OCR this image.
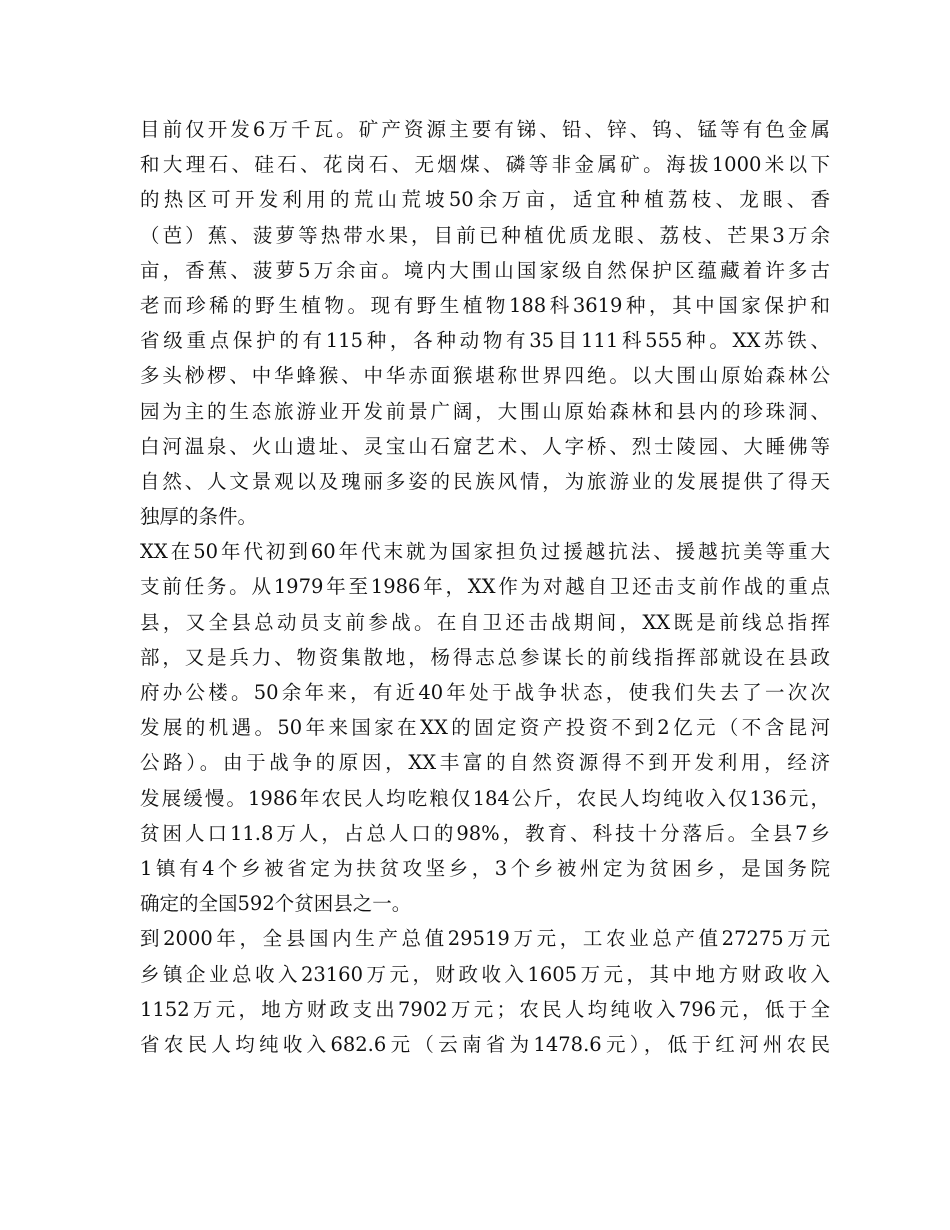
目前仅开发6万千瓦。矿产资源主要有锑、铅、锌、钨、锰等有色金属
和大理石、硅石、花岗石、无烟煤、磷等非金属矿。海拔1000米以下
的热区可开发利用的荒山荒坡50余万亩，适宜种植荔枝、龙眼、香
（芭）蕉、菠萝等热带水果，目前已种植优质龙眼、荔枝、芒果3万余
亩，香蕉、菠萝5万余亩。境内大围山国家级自然保护区蕴藏着许多古
老而珍稀的野生植物。现有野生植物188科3619种，其中国家保护和
省级重点保护的有115种，各种动物有35目111科555种。XX苏铁、
多头桫椤、中华蜂猴、中华赤面猴堪称世界四绝。以大围山原始森林公
园为主的生态旅游业开发前景广阔，大围山原始森林和县内的珍珠洞、
白河温泉、火山遗址、灵宝山石窟艺术、人字桥、烈士陵园、大睡佛等
自然、人文景观以及瑰丽多姿的民族风情，为旅游业的发展提供了得天
独厚的条件。
XX在50年代初到60年代末就为国家担负过援越抗法、援越抗美等重大
支前任务。从1979年至1986年，XX作为对越自卫还击支前作战的重点
县，又全县总动员支前参战。在自卫还击战期间，XX既是前线总指挥
部，又是兵力、物资集散地，杨得志总参谋长的前线指挥部就设在县政
府办公楼。50余年来，有近40年处于战争状态，使我们失去了一次次
发展的机遇。50年来国家在XX的固定资产投资不到2亿元（不含昆河
公路）。由于战争的原因，XX丰富的自然资源得不到开发利用，经济
发展缓慢。1986年农民人均吃粮仅184公斤，农民人均纯收入仅136元，
贫困人口11.8万人，占总人口的98%，教育、科技十分落后。全县7乡
1镇有4个乡被省定为扶贫攻坚乡，3个乡被州定为贫困乡，是国务院
确定的全国592个贫困县之一。
到2000年，全县国内生产总值29519万元，工农业总产值27275万元
乡镇企业总收入23160万元，财政收入1605万元，其中地方财政收入
1152万元，地方财政支出7902万元；农民人均纯收入796元，低于全
省农民人均纯收入682.6元（云南省为1478.6元），低于红河州农民
